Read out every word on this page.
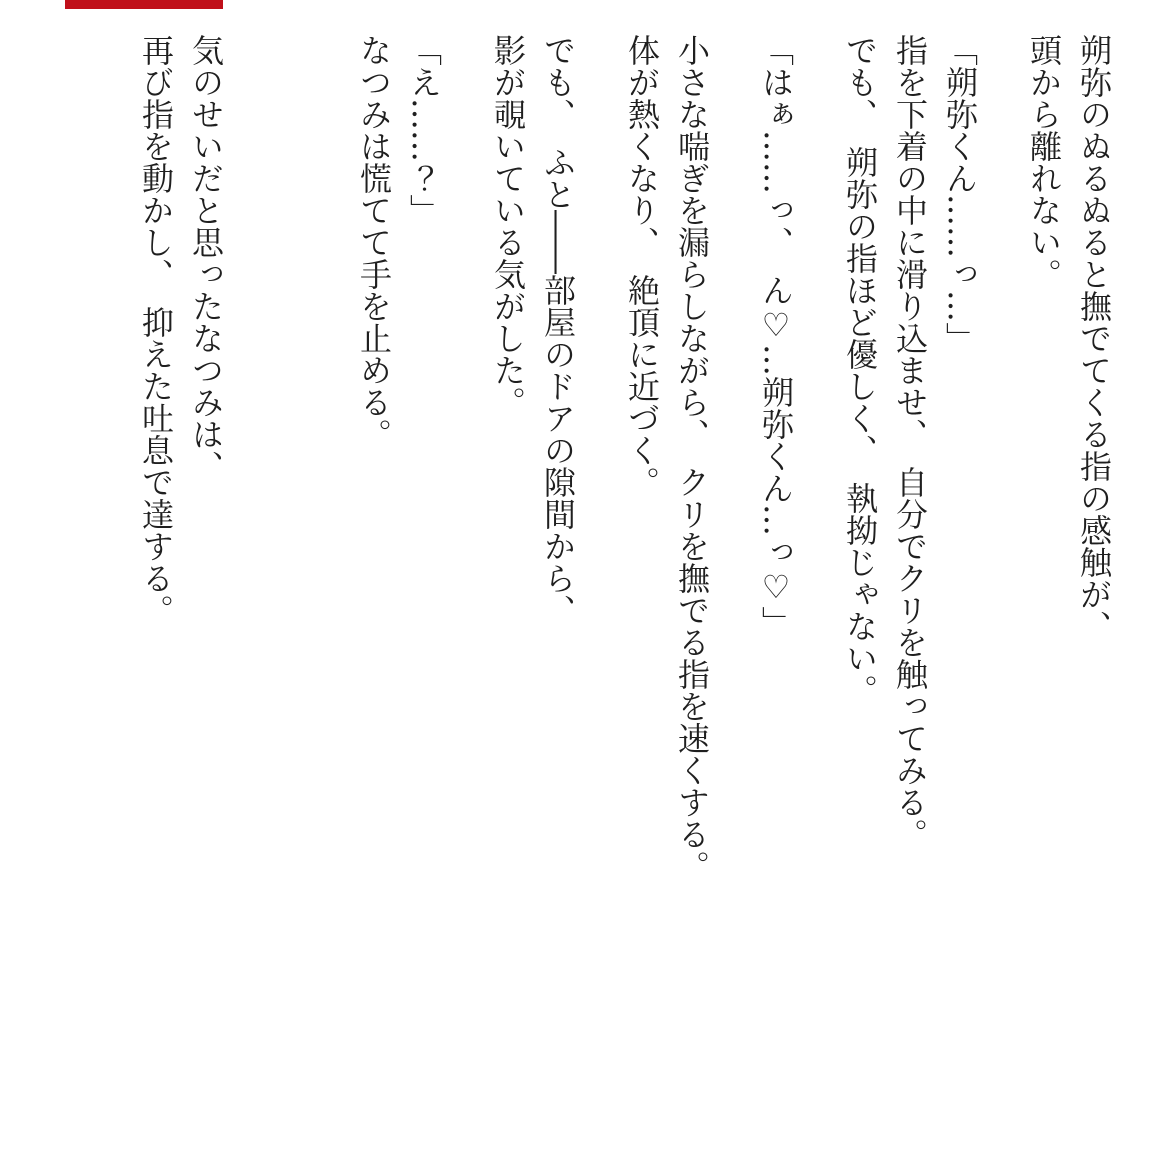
朔弥のぬるぬると撫でてくる指の感触が、
頭から離れない。

「朔弥くん……っ…」
指を下着の中に滑り込ませ、　自分でクリを触ってみる。
でも、　朔弥の指ほど優しく、　執拗じゃない。

「はぁ……っ、　ん♡…朔弥くん…っ♡」

小さな喘ぎを漏らしながら、　クリを撫でる指を速くする。
体が熱くなり、　絶頂に近づく。

でも、　ふと――部屋のドアの隙間から、
影が覗いている気がした。

「え……？」
なつみは慌てて手を止める。

気のせいだと思ったなつみは、
再び指を動かし、　抑えた吐息で達する。
